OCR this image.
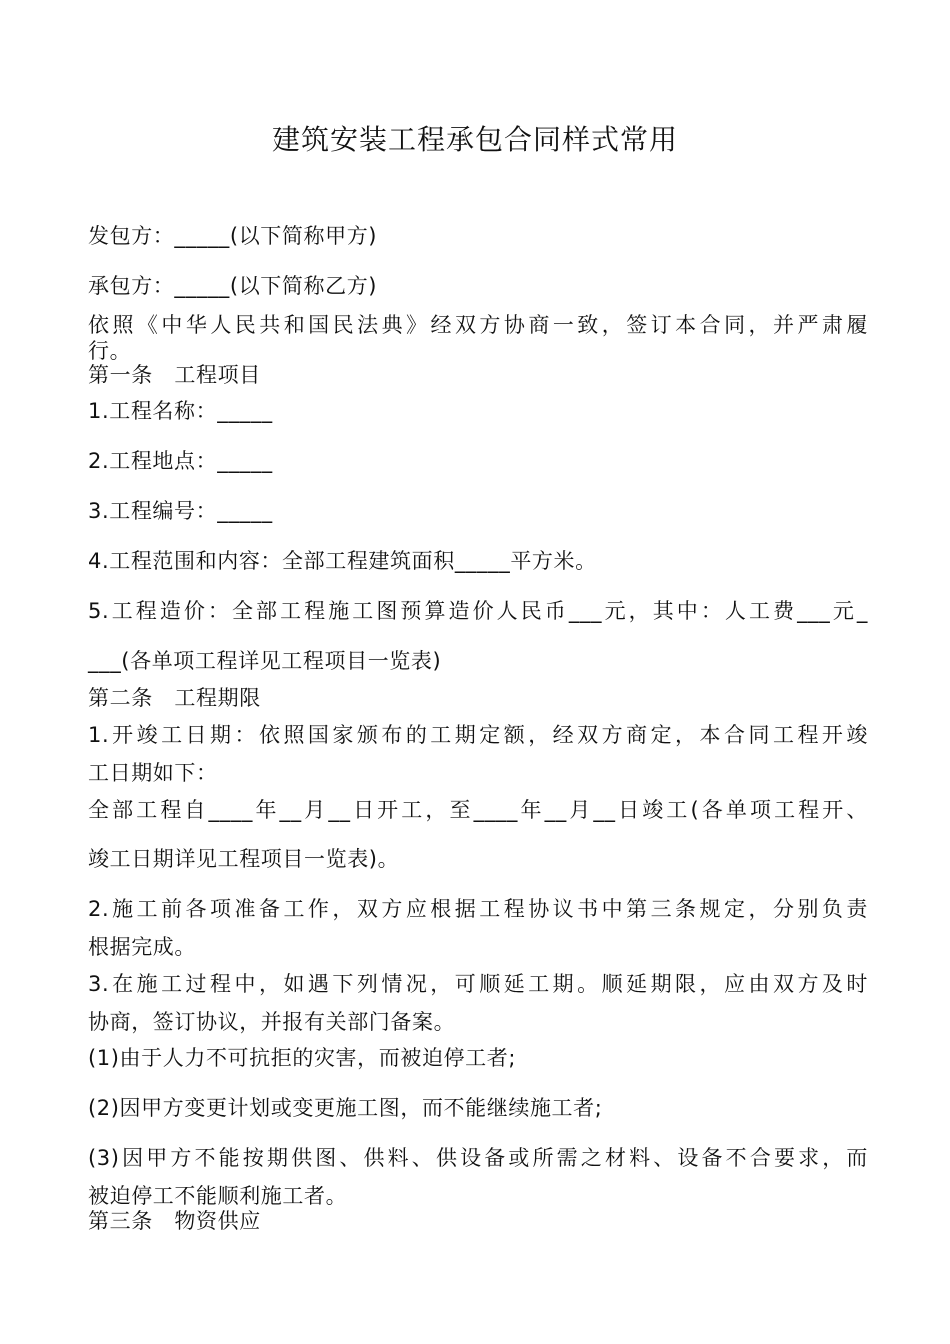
建筑安装工程承包合同样式常用
发包方：_____(以下简称甲方)
承包方：_____(以下简称乙方)
依照《中华人民共和国民法典》经双方协商一致，签订本合同，并严肃履
行。
第一条　工程项目
1.工程名称：_____
2.工程地点：_____
3.工程编号：_____
4.工程范围和内容：全部工程建筑面积_____平方米。
5.工程造价：全部工程施工图预算造价人民币___元，其中：人工费___元_
___(各单项工程详见工程项目一览表)
第二条　工程期限
1.开竣工日期：依照国家颁布的工期定额，经双方商定，本合同工程开竣
工日期如下：
全部工程自____年__月__日开工，至____年__月__日竣工(各单项工程开、
竣工日期详见工程项目一览表)。
2.施工前各项准备工作，双方应根据工程协议书中第三条规定，分别负责
根据完成。
3.在施工过程中，如遇下列情况，可顺延工期。顺延期限，应由双方及时
协商，签订协议，并报有关部门备案。
(1)由于人力不可抗拒的灾害，而被迫停工者;
(2)因甲方变更计划或变更施工图，而不能继续施工者;
(3)因甲方不能按期供图、供料、供设备或所需之材料、设备不合要求，而
被迫停工不能顺利施工者。
第三条　物资供应
